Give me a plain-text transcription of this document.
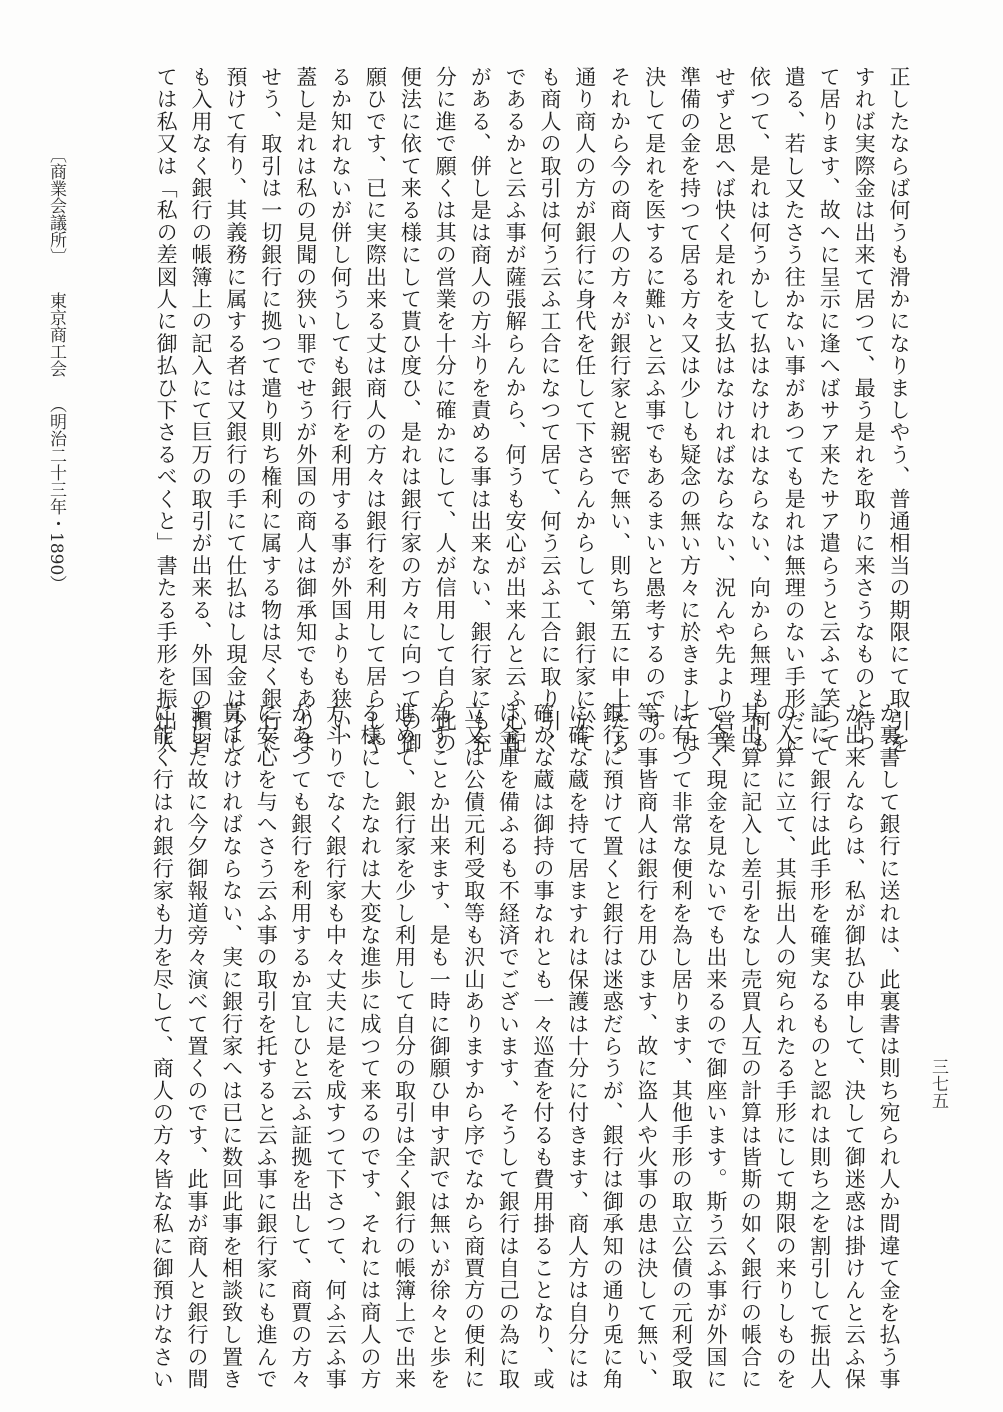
正したならば何うも滑かになりましやう、普通相当の期限にて取引を
すれば実際金は出来て居つて、最う是れを取りに来さうなものと待つ
て居ります、故へに呈示に逢へばサア来たサア遣らうと云ふて笑つて
遣る、若し又たさう往かない事があつても是れは無理のない手形だに
依つて、是れは何うかして払はなけれはならない、向から無理も何も
せずと思へば快く是れを支払はなければならない、況んや先より営業
準備の金を持つて居る方々又は少しも疑念の無い方々に於きましては
決して是れを医するに難いと云ふ事でもあるまいと愚考するのです。
それから今の商人の方々が銀行家と親密で無い、則ち第五に申上たる
通り商人の方が銀行に身代を任して下さらんからして、銀行家に於て
も商人の取引は何う云ふ工合になつて居て、何う云ふ工合に取り引く
であるかと云ふ事が薩張解らんから、何うも安心が出来んと云ふ心配
がある、併し是は商人の方斗りを責める事は出来ない、銀行家にも充
分に進で願くは其の営業を十分に確かにして、人が信用して自ら此の
便法に依て来る様にして貰ひ度ひ、是れは銀行家の方々に向つての御
願ひです、已に実際出来る丈は商人の方々は銀行を利用して居らしや
るか知れないが併し何うしても銀行を利用する事が外国よりも狭い、
蓋し是れは私の見聞の狭い罪でせうが外国の商人は御承知でもありま
せう、取引は一切銀行に拠つて遣り則ち権利に属する物は尽く銀行に
預けて有り、其義務に属する者は又銀行の手にて仕払はし現金は少し
も入用なく銀行の帳簿上の記入にて巨万の取引が出来る、外国の慣習
ては私又は「私の差図人に御払ひ下さるべくと」書たる手形を振出人
か裏書して銀行に送れは、此裏書は則ち宛られ人か間違て金を払う事
が出来んならは、私が御払ひ申して、決して御迷惑は掛けんと云ふ保
証にて銀行は此手形を確実なるものと認れは則ち之を割引して振出人
の入算に立て、其振出人の宛られたる手形にして期限の来りしものを
其出算に記入し差引をなし売買人互の計算は皆斯の如く銀行の帳合に
て全く現金を見ないでも出来るので御座います。斯う云ふ事が外国に
は有つて非常な便利を為し居ります、其他手形の取立公債の元利受取
等の事皆商人は銀行を用ひます、故に盗人や火事の患は決して無い、
銀行に預けて置くと銀行は迷惑だらうが、銀行は御承知の通り兎に角
に確な蔵を持て居ますれは保護は十分に付きます、商人方は自分には
確かな蔵は御持の事なれとも一々巡査を付るも費用掛ることなり、或
は金庫を備ふるも不経済でございます、そうして銀行は自己の為に取
立又は公債元利受取等も沢山ありますから序でなから商賈方の便利に
為すことか出来ます、是も一時に御願ひ申す訳では無いが徐々と歩を
進めて、銀行家を少し利用して自分の取引は全く銀行の帳簿上で出来
る様にしたなれは大変な進歩に成つて来るのです、それには商人の方
方斗りでなく銀行家も中々丈夫に是を成すつて下さつて、何ふ云ふ事
があつても銀行を利用するか宜しひと云ふ証拠を出して、商賈の方々
に安心を与へさう云ふ事の取引を托すると云ふ事に銀行家にも進んで
貰はなければならない、実に銀行家へは已に数回此事を相談致し置き
ました故に今夕御報道旁々演べて置くのです、此事が商人と銀行の間
に能く行はれ銀行家も力を尽して、商人の方々皆な私に御預けなさい
〔商業会議所〕
東京商工会
（明治二十三年・1890）
三七五
